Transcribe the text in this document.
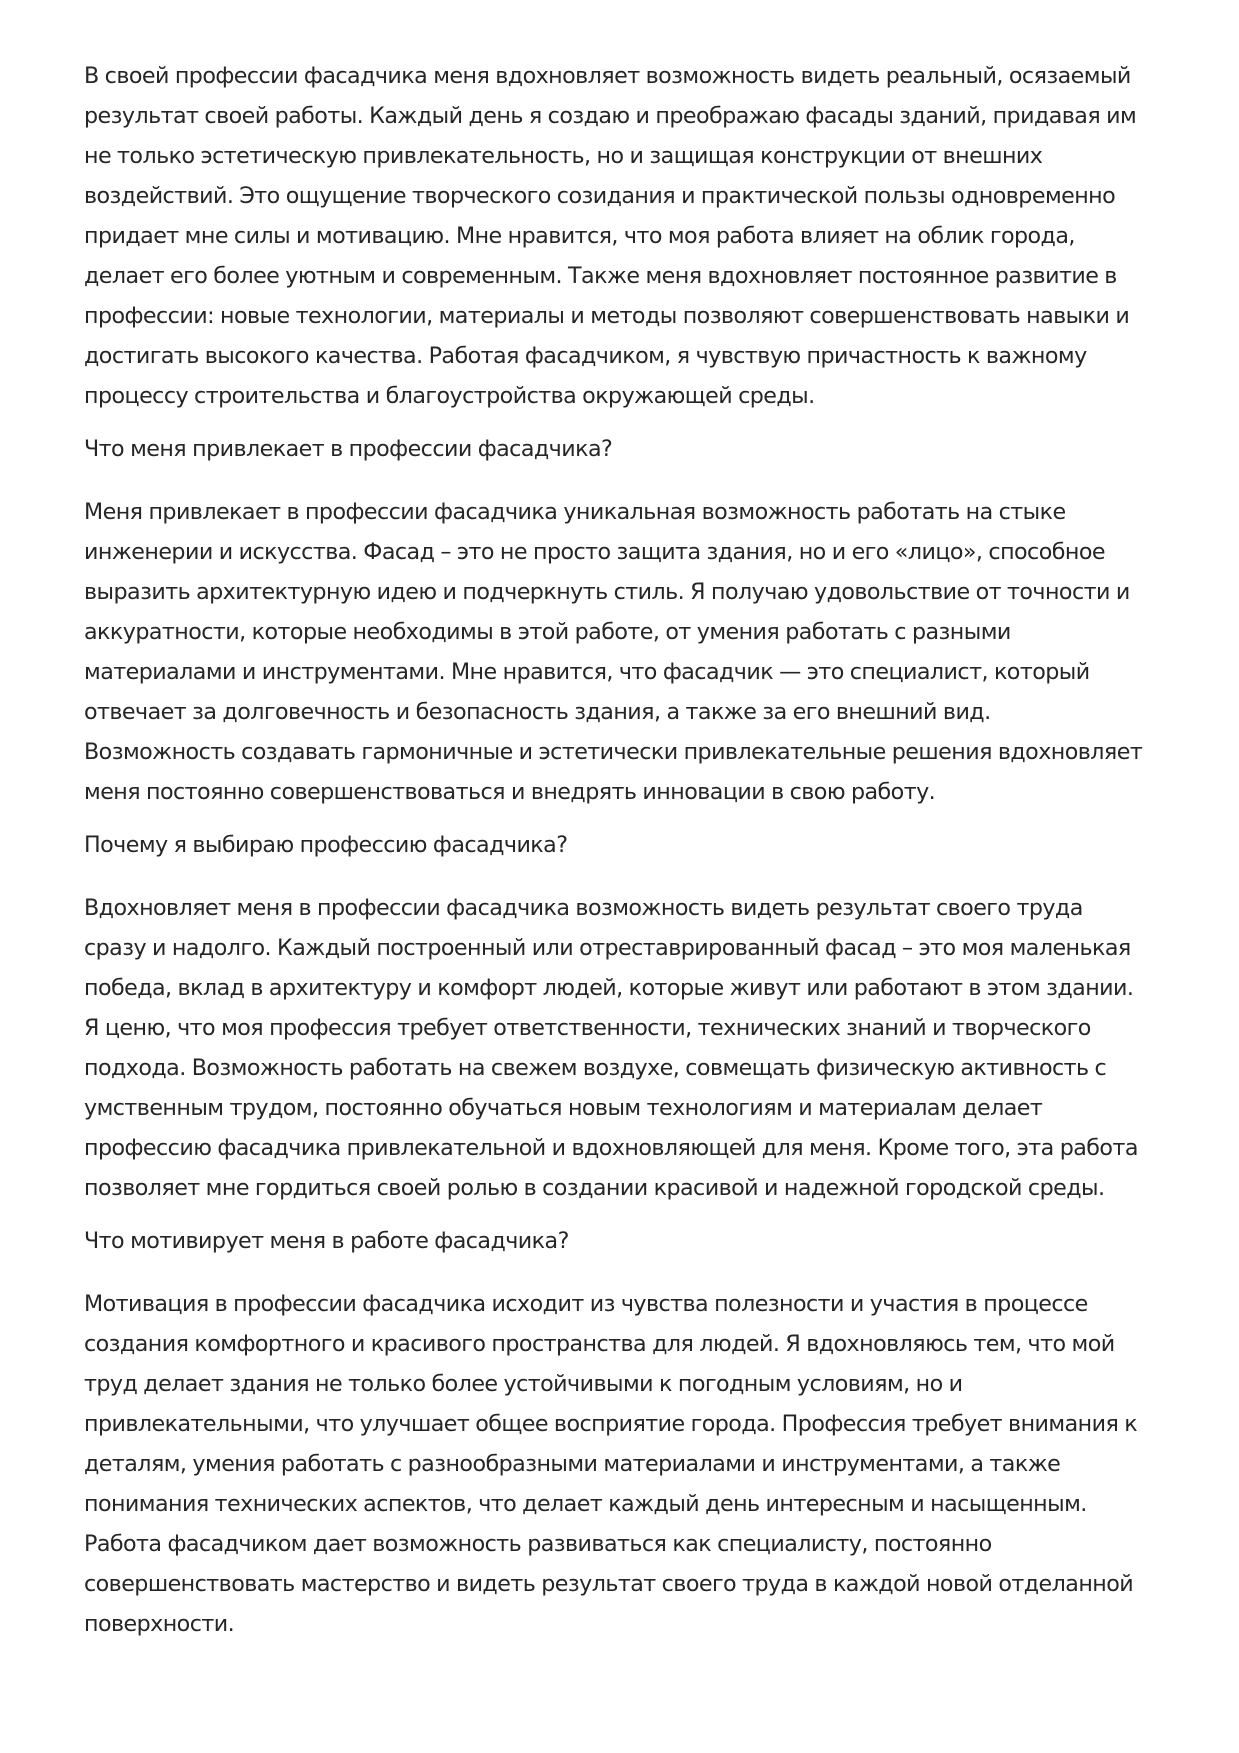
В своей профессии фасадчика меня вдохновляет возможность видеть реальный, осязаемый
результат своей работы. Каждый день я создаю и преображаю фасады зданий, придавая им
не только эстетическую привлекательность, но и защищая конструкции от внешних
воздействий. Это ощущение творческого созидания и практической пользы одновременно
придает мне силы и мотивацию. Мне нравится, что моя работа влияет на облик города,
делает его более уютным и современным. Также меня вдохновляет постоянное развитие в
профессии: новые технологии, материалы и методы позволяют совершенствовать навыки и
достигать высокого качества. Работая фасадчиком, я чувствую причастность к важному
процессу строительства и благоустройства окружающей среды.

Что меня привлекает в профессии фасадчика?

Меня привлекает в профессии фасадчика уникальная возможность работать на стыке
инженерии и искусства. Фасад – это не просто защита здания, но и его «лицо», способное
выразить архитектурную идею и подчеркнуть стиль. Я получаю удовольствие от точности и
аккуратности, которые необходимы в этой работе, от умения работать с разными
материалами и инструментами. Мне нравится, что фасадчик — это специалист, который
отвечает за долговечность и безопасность здания, а также за его внешний вид.
Возможность создавать гармоничные и эстетически привлекательные решения вдохновляет
меня постоянно совершенствоваться и внедрять инновации в свою работу.

Почему я выбираю профессию фасадчика?

Вдохновляет меня в профессии фасадчика возможность видеть результат своего труда
сразу и надолго. Каждый построенный или отреставрированный фасад – это моя маленькая
победа, вклад в архитектуру и комфорт людей, которые живут или работают в этом здании.
Я ценю, что моя профессия требует ответственности, технических знаний и творческого
подхода. Возможность работать на свежем воздухе, совмещать физическую активность с
умственным трудом, постоянно обучаться новым технологиям и материалам делает
профессию фасадчика привлекательной и вдохновляющей для меня. Кроме того, эта работа
позволяет мне гордиться своей ролью в создании красивой и надежной городской среды.

Что мотивирует меня в работе фасадчика?

Мотивация в профессии фасадчика исходит из чувства полезности и участия в процессе
создания комфортного и красивого пространства для людей. Я вдохновляюсь тем, что мой
труд делает здания не только более устойчивыми к погодным условиям, но и
привлекательными, что улучшает общее восприятие города. Профессия требует внимания к
деталям, умения работать с разнообразными материалами и инструментами, а также
понимания технических аспектов, что делает каждый день интересным и насыщенным.
Работа фасадчиком дает возможность развиваться как специалисту, постоянно
совершенствовать мастерство и видеть результат своего труда в каждой новой отделанной
поверхности.
